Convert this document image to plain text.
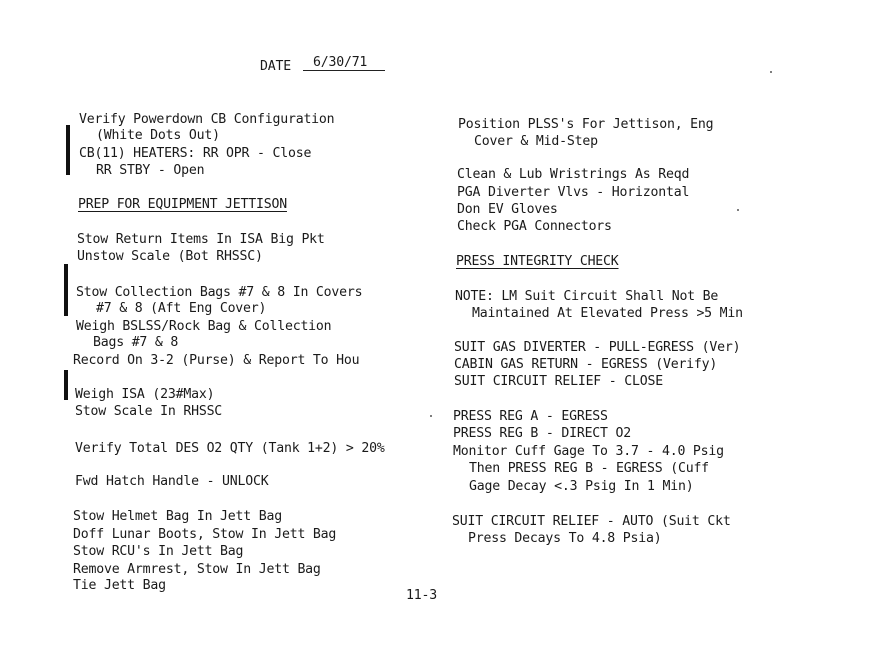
DATE	6/30/71
Verify Powerdown CB Configuration
(White Dots Out)
CB(11) HEATERS: RR OPR - Close
RR STBY - Open
PREP FOR EQUIPMENT JETTISON
Stow Return Items In ISA Big Pkt
Unstow Scale (Bot RHSSC)
Stow Collection Bags #7 & 8 In Covers
#7 & 8 (Aft Eng Cover)
Weigh BSLSS/Rock Bag & Collection
Bags #7 & 8
Record On 3-2 (Purse) & Report To Hou
Weigh ISA (23#Max)
Stow Scale In RHSSC
Verify Total DES O2 QTY (Tank 1+2) > 20%
Fwd Hatch Handle - UNLOCK
Stow Helmet Bag In Jett Bag
Doff Lunar Boots, Stow In Jett Bag
Stow RCU's In Jett Bag
Remove Armrest, Stow In Jett Bag
Tie Jett Bag
Position PLSS's For Jettison, Eng
Cover & Mid-Step
Clean & Lub Wristrings As Reqd
PGA Diverter Vlvs - Horizontal
Don EV Gloves
Check PGA Connectors
PRESS INTEGRITY CHECK
NOTE: LM Suit Circuit Shall Not Be
Maintained At Elevated Press >5 Min
SUIT GAS DIVERTER - PULL-EGRESS (Ver)
CABIN GAS RETURN - EGRESS (Verify)
SUIT CIRCUIT RELIEF - CLOSE
PRESS REG A - EGRESS
PRESS REG B - DIRECT O2
Monitor Cuff Gage To 3.7 - 4.0 Psig
Then PRESS REG B - EGRESS (Cuff
Gage Decay <.3 Psig In 1 Min)
SUIT CIRCUIT RELIEF - AUTO (Suit Ckt
Press Decays To 4.8 Psia)
11-3
